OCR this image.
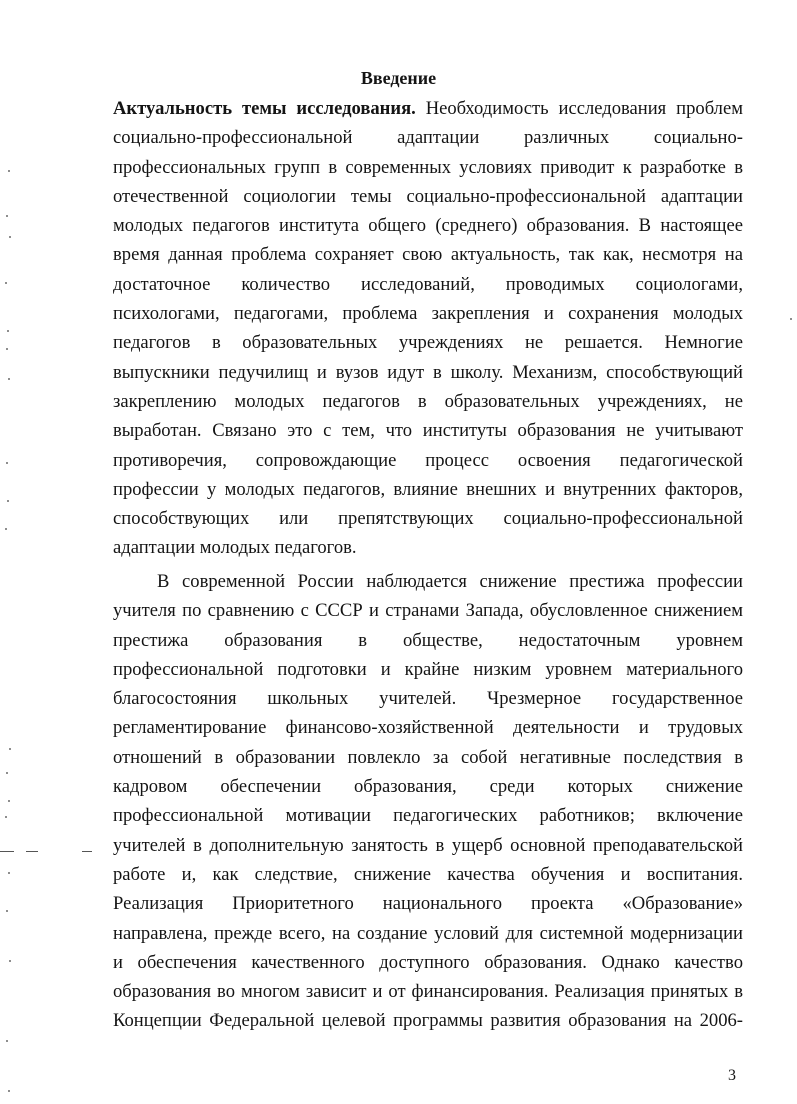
Введение
Актуальность темы исследования. Необходимость исследования проблем
социально-профессиональной адаптации различных социально-
профессиональных групп в современных условиях приводит к разработке в
отечественной социологии темы социально-профессиональной адаптации
молодых педагогов института общего (среднего) образования. В настоящее
время данная проблема сохраняет свою актуальность, так как, несмотря на
достаточное количество исследований, проводимых социологами,
психологами, педагогами, проблема закрепления и сохранения молодых
педагогов в образовательных учреждениях не решается. Немногие
выпускники педучилищ и вузов идут в школу. Механизм, способствующий
закреплению молодых педагогов в образовательных учреждениях, не
выработан. Связано это с тем, что институты образования не учитывают
противоречия, сопровождающие процесс освоения педагогической
профессии у молодых педагогов, влияние внешних и внутренних факторов,
способствующих или препятствующих социально-профессиональной
адаптации молодых педагогов.
В современной России наблюдается снижение престижа профессии
учителя по сравнению с СССР и странами Запада, обусловленное снижением
престижа образования в обществе, недостаточным уровнем
профессиональной подготовки и крайне низким уровнем материального
благосостояния школьных учителей. Чрезмерное государственное
регламентирование финансово-хозяйственной деятельности и трудовых
отношений в образовании повлекло за собой негативные последствия в
кадровом обеспечении образования, среди которых снижение
профессиональной мотивации педагогических работников; включение
учителей в дополнительную занятость в ущерб основной преподавательской
работе и, как следствие, снижение качества обучения и воспитания.
Реализация Приоритетного национального проекта «Образование»
направлена, прежде всего, на создание условий для системной модернизации
и обеспечения качественного доступного образования. Однако качество
образования во многом зависит и от финансирования. Реализация принятых в
Концепции Федеральной целевой программы развития образования на 2006-
3
